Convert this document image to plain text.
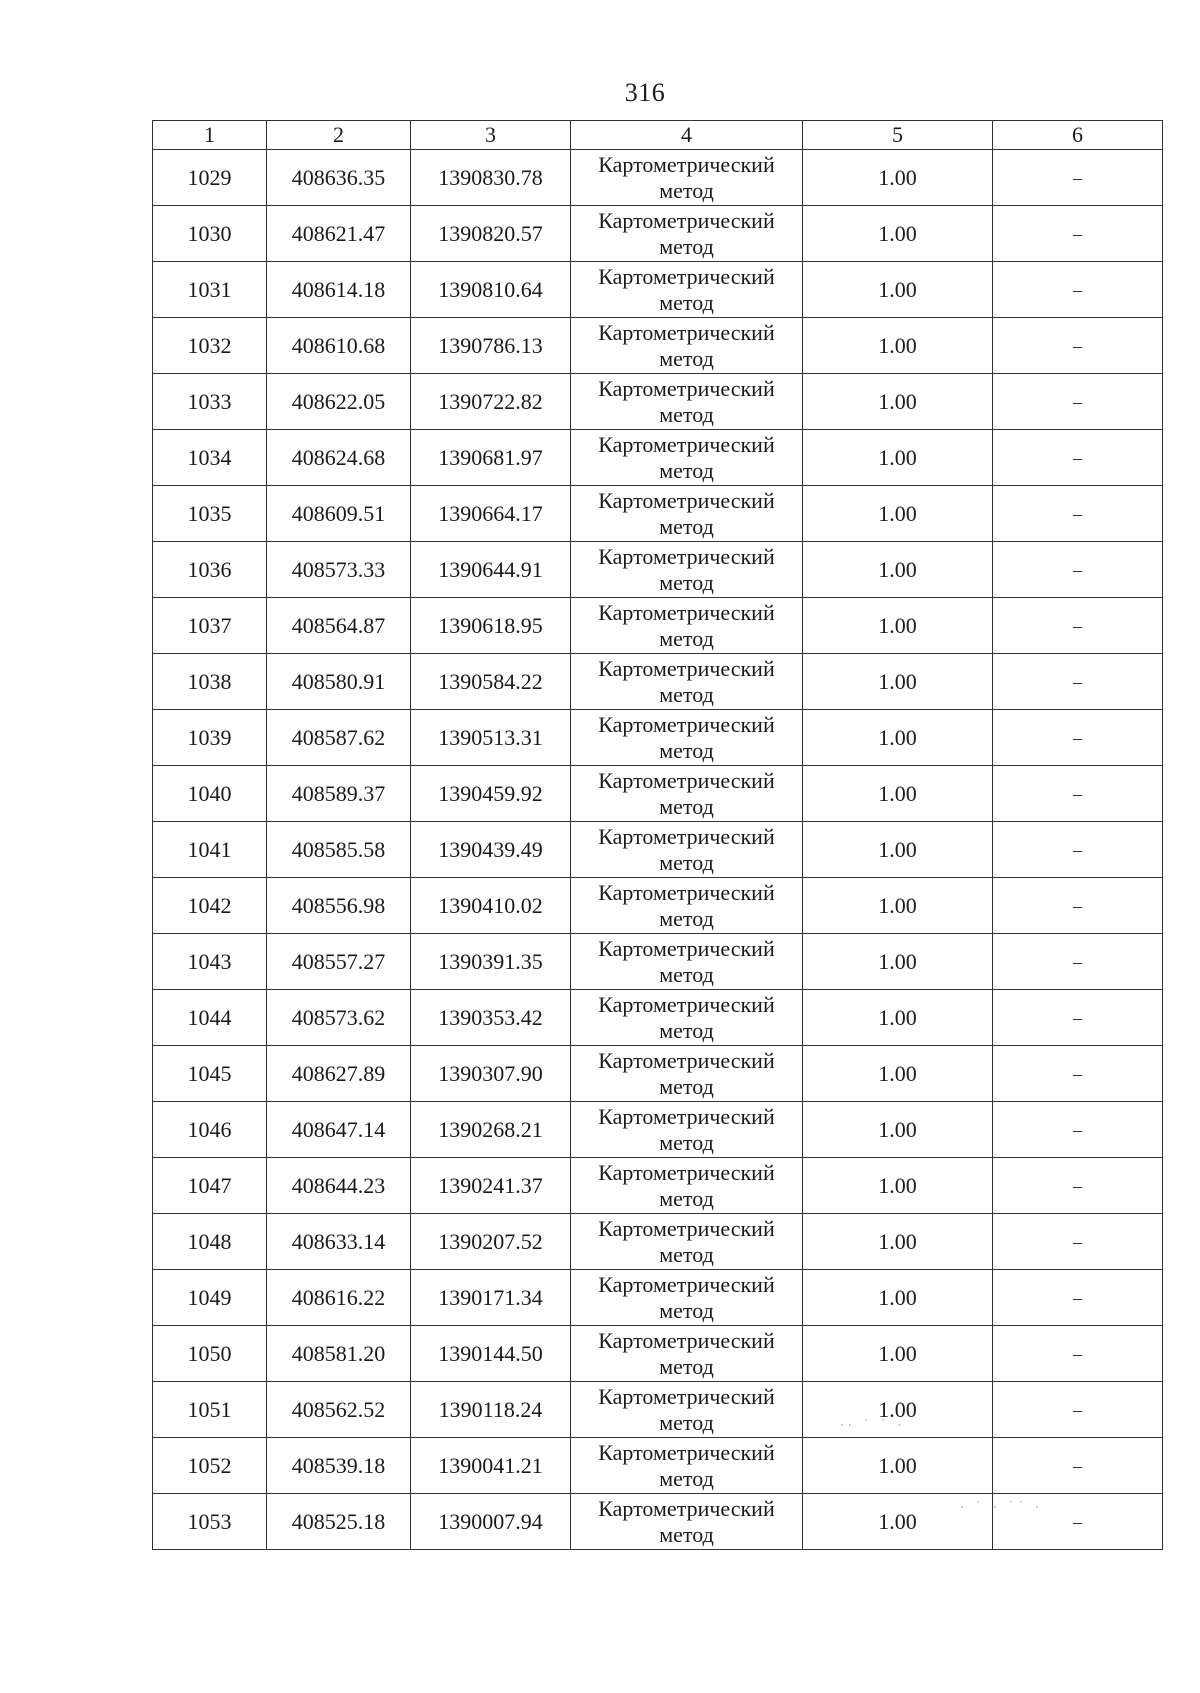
316
1	2	3	4	5	6
1029	408636.35	1390830.78	Картометрический метод	1.00	–
1030	408621.47	1390820.57	Картометрический метод	1.00	–
1031	408614.18	1390810.64	Картометрический метод	1.00	–
1032	408610.68	1390786.13	Картометрический метод	1.00	–
1033	408622.05	1390722.82	Картометрический метод	1.00	–
1034	408624.68	1390681.97	Картометрический метод	1.00	–
1035	408609.51	1390664.17	Картометрический метод	1.00	–
1036	408573.33	1390644.91	Картометрический метод	1.00	–
1037	408564.87	1390618.95	Картометрический метод	1.00	–
1038	408580.91	1390584.22	Картометрический метод	1.00	–
1039	408587.62	1390513.31	Картометрический метод	1.00	–
1040	408589.37	1390459.92	Картометрический метод	1.00	–
1041	408585.58	1390439.49	Картометрический метод	1.00	–
1042	408556.98	1390410.02	Картометрический метод	1.00	–
1043	408557.27	1390391.35	Картометрический метод	1.00	–
1044	408573.62	1390353.42	Картометрический метод	1.00	–
1045	408627.89	1390307.90	Картометрический метод	1.00	–
1046	408647.14	1390268.21	Картометрический метод	1.00	–
1047	408644.23	1390241.37	Картометрический метод	1.00	–
1048	408633.14	1390207.52	Картометрический метод	1.00	–
1049	408616.22	1390171.34	Картометрический метод	1.00	–
1050	408581.20	1390144.50	Картометрический метод	1.00	–
1051	408562.52	1390118.24	Картометрический метод	1.00	–
1052	408539.18	1390041.21	Картометрический метод	1.00	–
1053	408525.18	1390007.94	Картометрический метод	1.00	–
·· ˙ ˙ ·
· ˙ · ˙˙ ·
